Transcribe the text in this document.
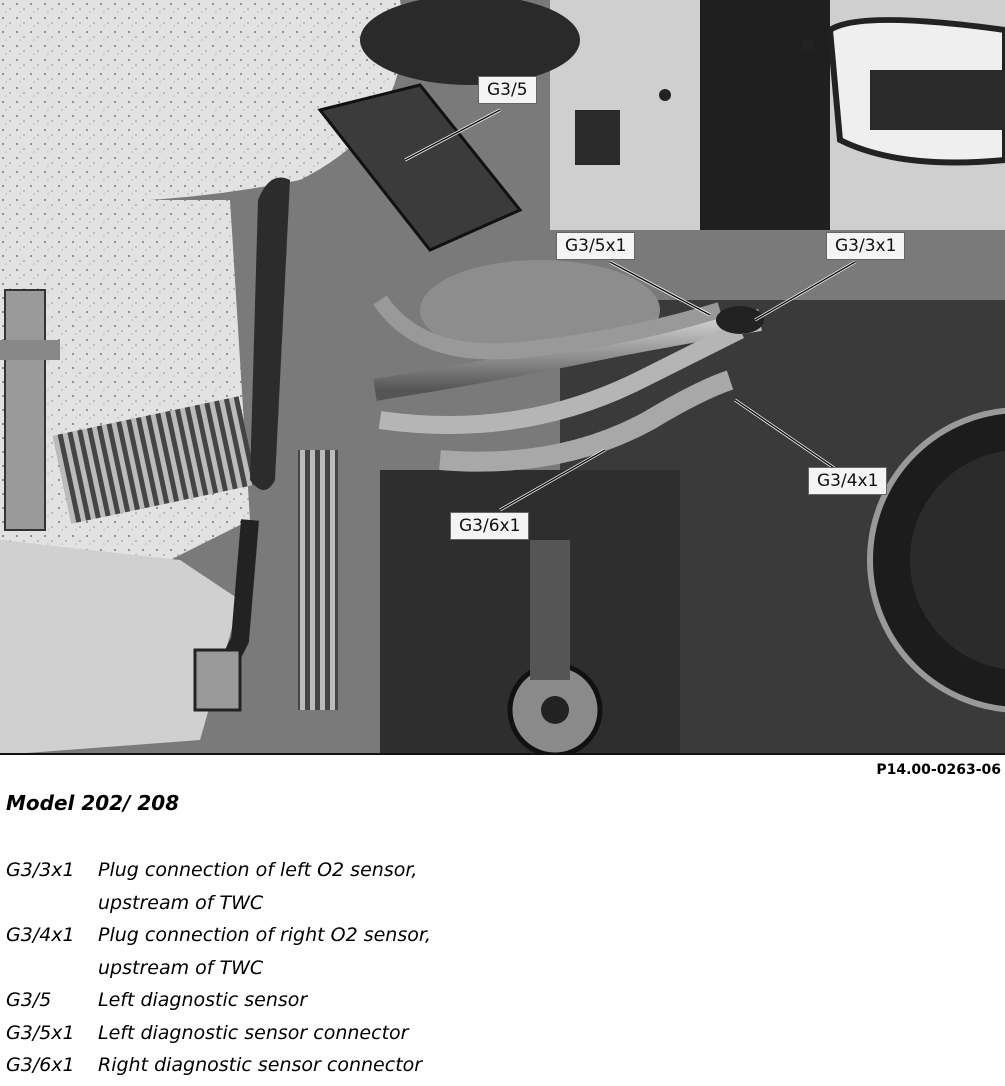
G3/5
G3/5x1	G3/3x1
G3/4x1
G3/6x1
P14.00-0263-06
Model 202/ 208
G3/3x1	Plug connection of left O2 sensor,
upstream of TWC
G3/4x1	Plug connection of right O2 sensor,
upstream of TWC
G3/5	Left diagnostic sensor
G3/5x1	Left diagnostic sensor connector
G3/6x1	Right diagnostic sensor connector
